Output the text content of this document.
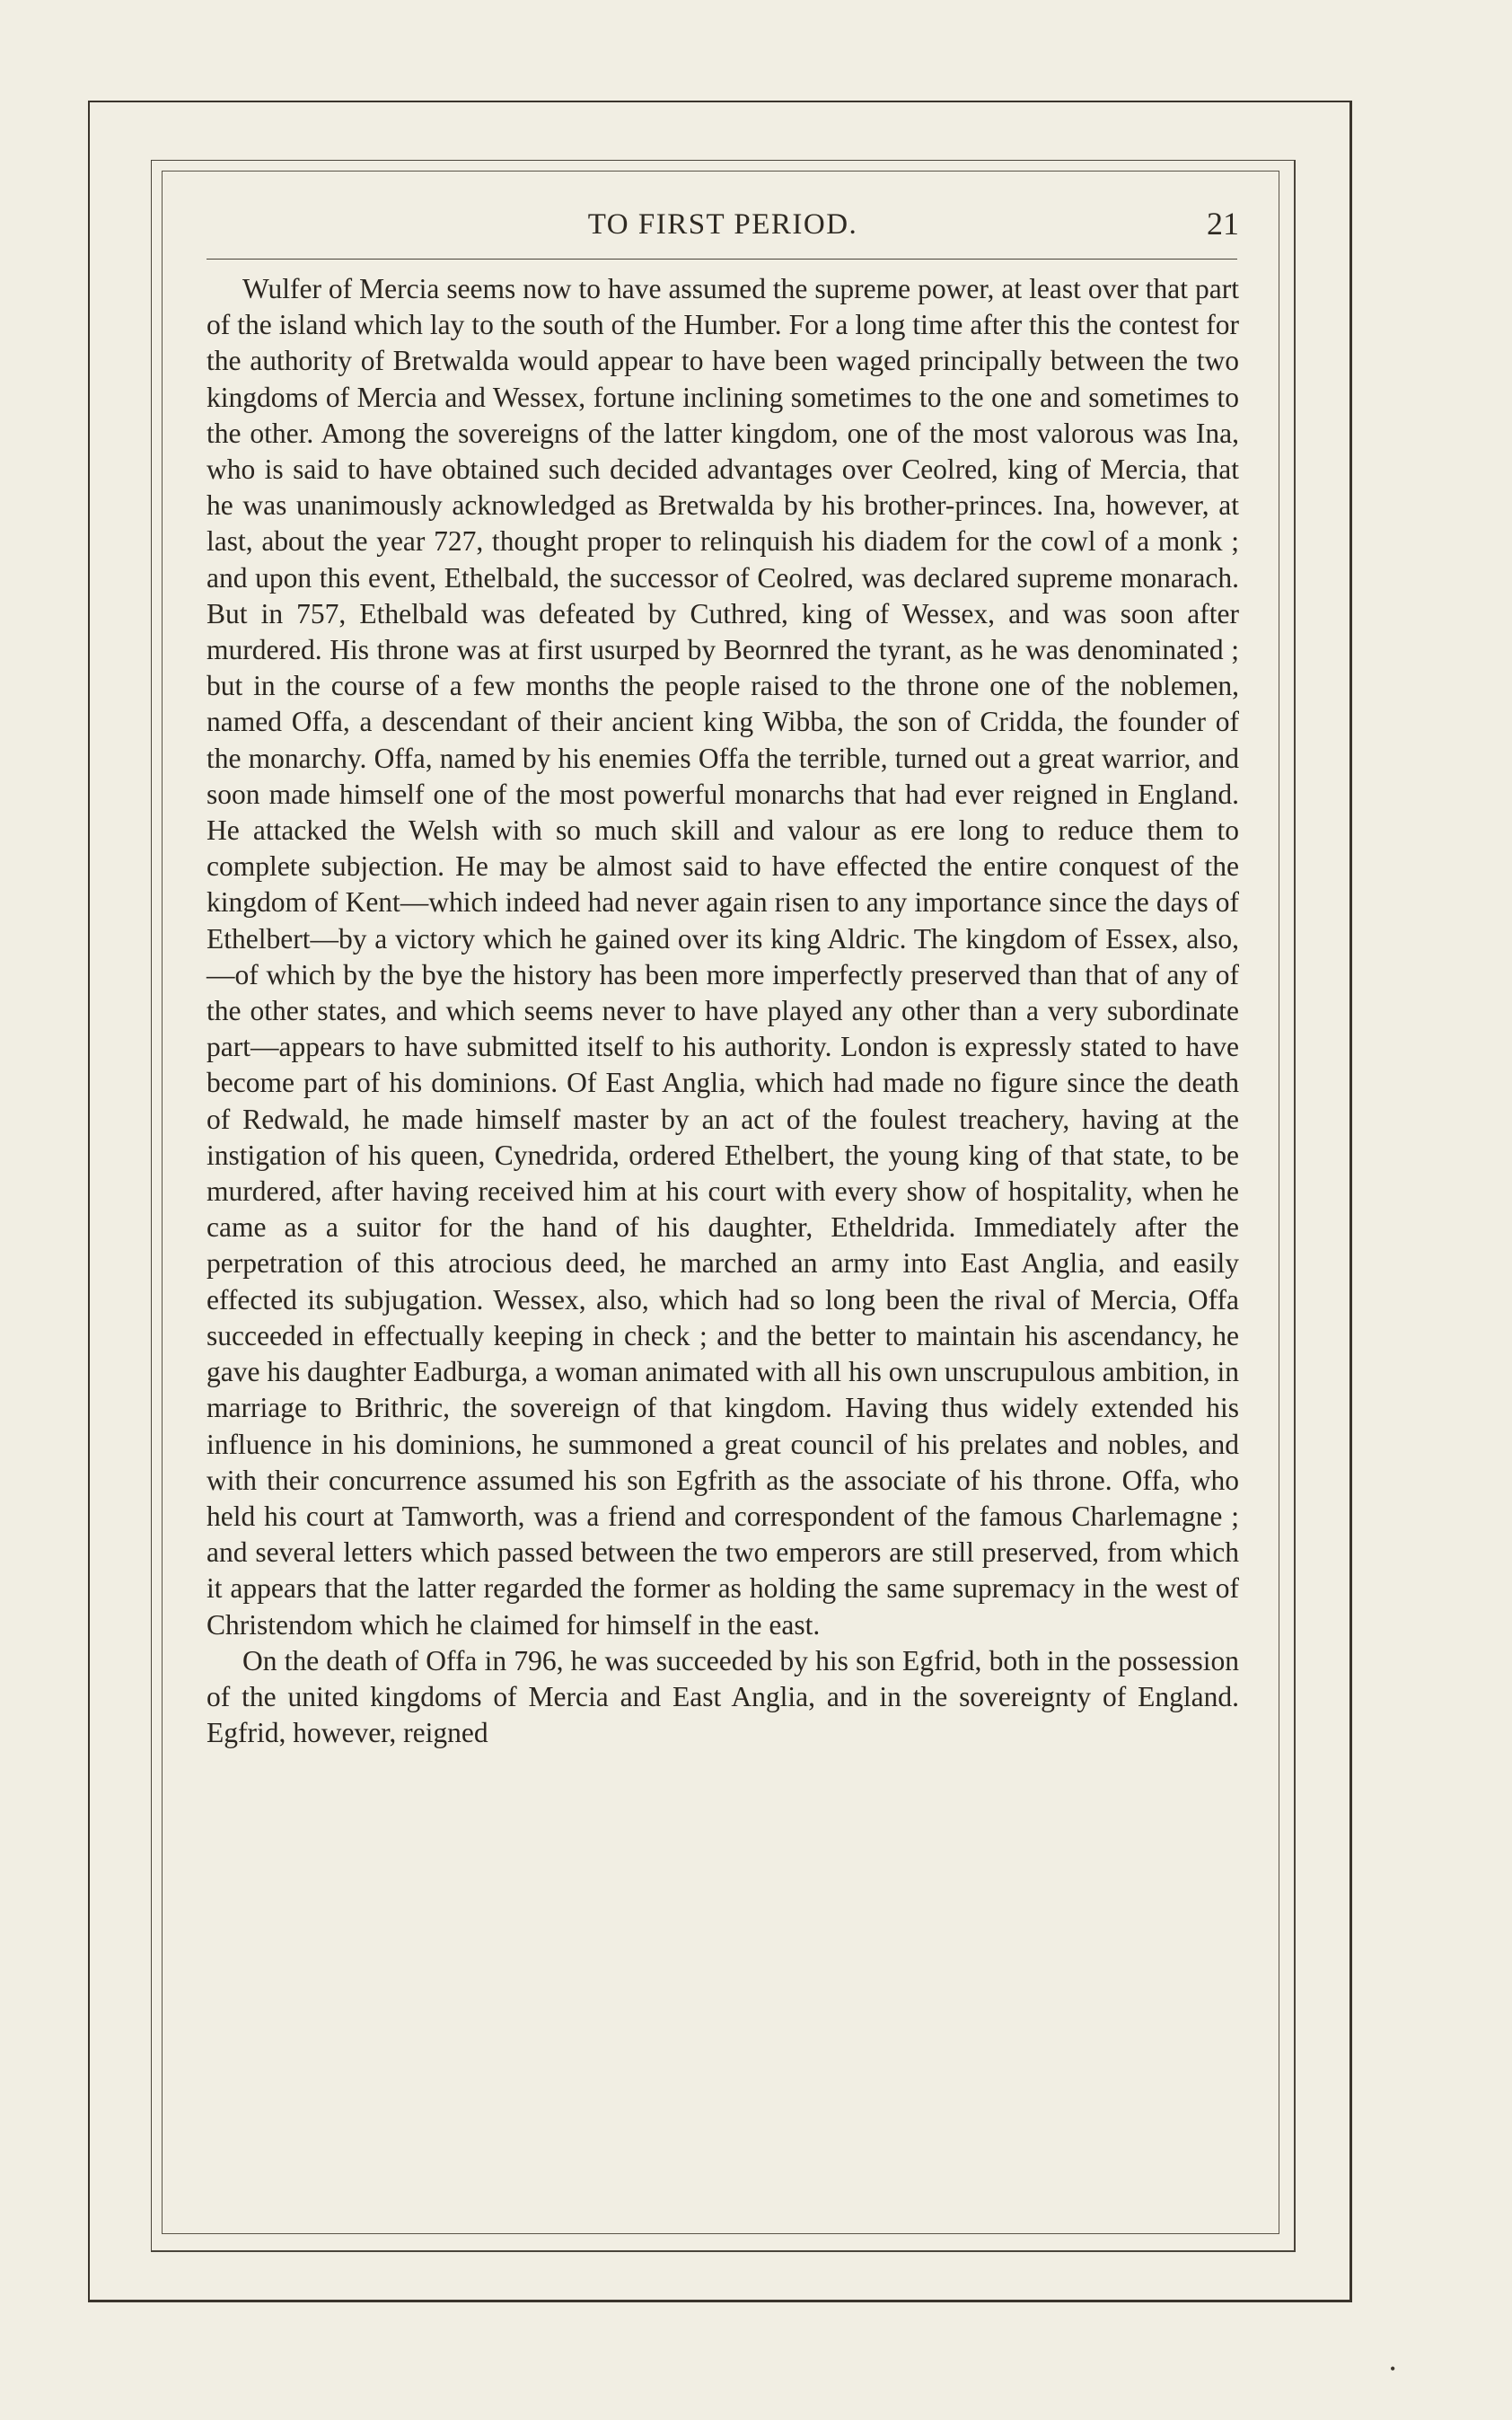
TO FIRST PERIOD.	21

Wulfer of Mercia seems now to have assumed the supreme power, at least over that part of the island which lay to the south of the Humber. For a long time after this the contest for the authority of Bretwalda would appear to have been waged principally between the two kingdoms of Mercia and Wessex, fortune inclining sometimes to the one and sometimes to the other. Among the sovereigns of the latter kingdom, one of the most valorous was Ina, who is said to have obtained such decided advantages over Ceolred, king of Mercia, that he was unanimously acknowledged as Bretwalda by his brother-princes. Ina, however, at last, about the year 727, thought proper to relinquish his diadem for the cowl of a monk ; and upon this event, Ethelbald, the successor of Ceolred, was declared supreme monarach. But in 757, Ethelbald was defeated by Cuthred, king of Wessex, and was soon after murdered. His throne was at first usurped by Beornred the tyrant, as he was denominated ; but in the course of a few months the people raised to the throne one of the noblemen, named Offa, a descendant of their ancient king Wibba, the son of Cridda, the founder of the monarchy. Offa, named by his enemies Offa the terrible, turned out a great warrior, and soon made himself one of the most powerful monarchs that had ever reigned in England. He attacked the Welsh with so much skill and valour as ere long to reduce them to complete subjection. He may be almost said to have effected the entire conquest of the kingdom of Kent—which indeed had never again risen to any importance since the days of Ethelbert—by a victory which he gained over its king Aldric. The kingdom of Essex, also,—of which by the bye the history has been more imperfectly preserved than that of any of the other states, and which seems never to have played any other than a very subordinate part—appears to have submitted itself to his authority. London is expressly stated to have become part of his dominions. Of East Anglia, which had made no figure since the death of Redwald, he made himself master by an act of the foulest treachery, having at the instigation of his queen, Cynedrida, ordered Ethelbert, the young king of that state, to be murdered, after having received him at his court with every show of hospitality, when he came as a suitor for the hand of his daughter, Etheldrida. Immediately after the perpetration of this atrocious deed, he marched an army into East Anglia, and easily effected its subjugation. Wessex, also, which had so long been the rival of Mercia, Offa succeeded in effectually keeping in check ; and the better to maintain his ascendancy, he gave his daughter Eadburga, a woman animated with all his own unscrupulous ambition, in marriage to Brithric, the sovereign of that kingdom. Having thus widely extended his influence in his dominions, he summoned a great council of his prelates and nobles, and with their concurrence assumed his son Egfrith as the associate of his throne. Offa, who held his court at Tamworth, was a friend and correspondent of the famous Charlemagne ; and several letters which passed between the two emperors are still preserved, from which it appears that the latter regarded the former as holding the same supremacy in the west of Christendom which he claimed for himself in the east.

On the death of Offa in 796, he was succeeded by his son Egfrid, both in the possession of the united kingdoms of Mercia and East Anglia, and in the sovereignty of England. Egfrid, however, reigned

•
